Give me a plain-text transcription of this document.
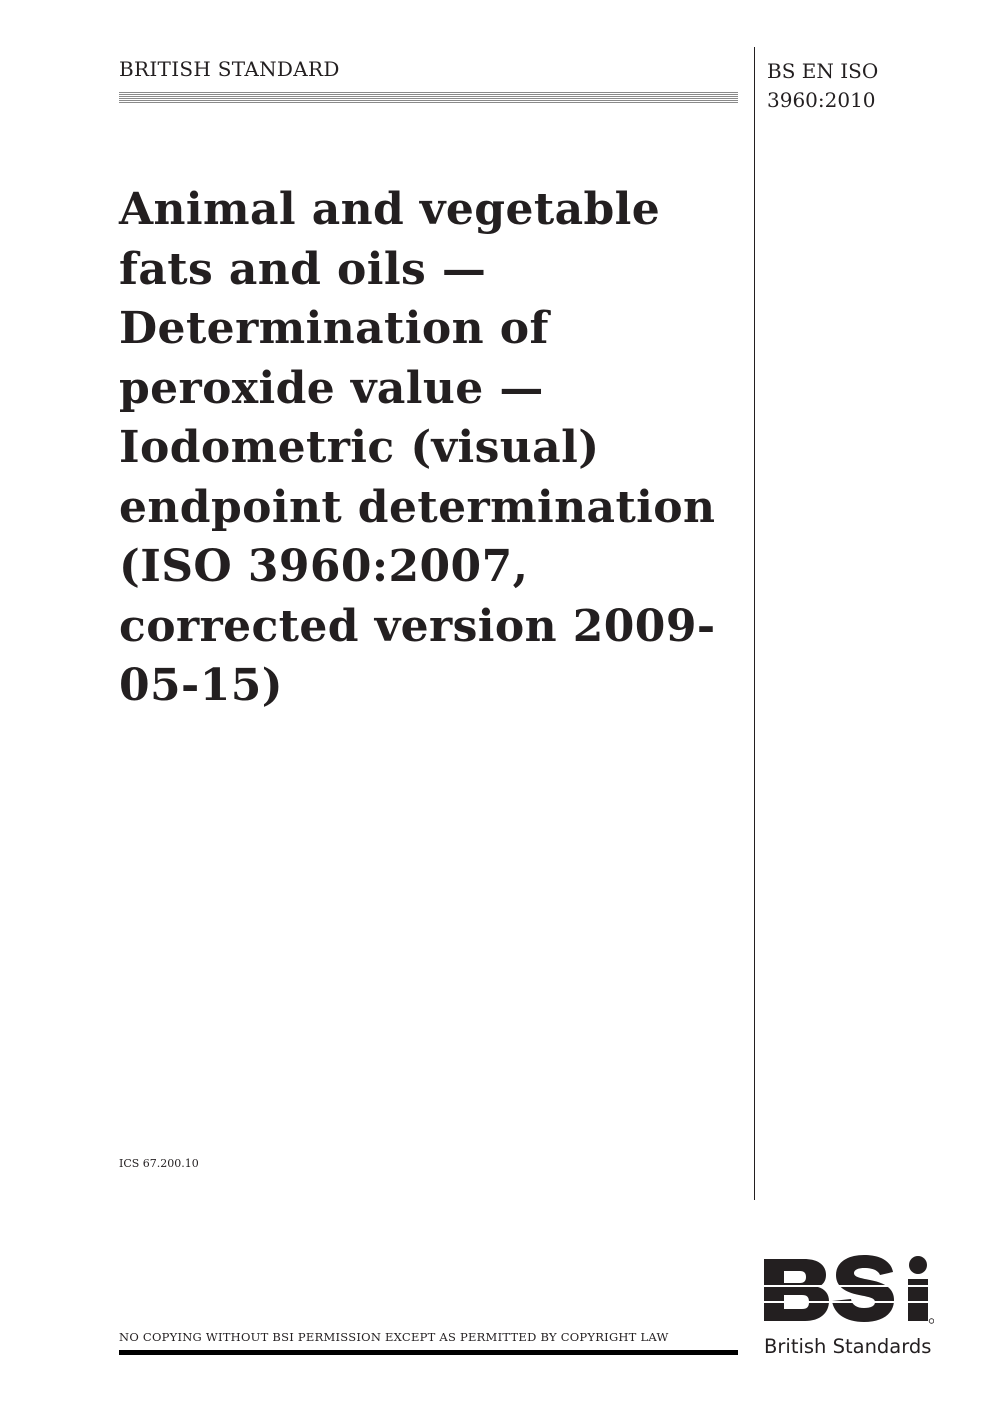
BRITISH STANDARD	BS EN ISO
3960:2010
Animal and vegetable fats and oils — Determination of peroxide value — Iodometric (visual) endpoint determination (ISO 3960:2007, corrected version 2009-05-15)
ICS 67.200.10
NO COPYING WITHOUT BSI PERMISSION EXCEPT AS PERMITTED BY COPYRIGHT LAW	British Standards
